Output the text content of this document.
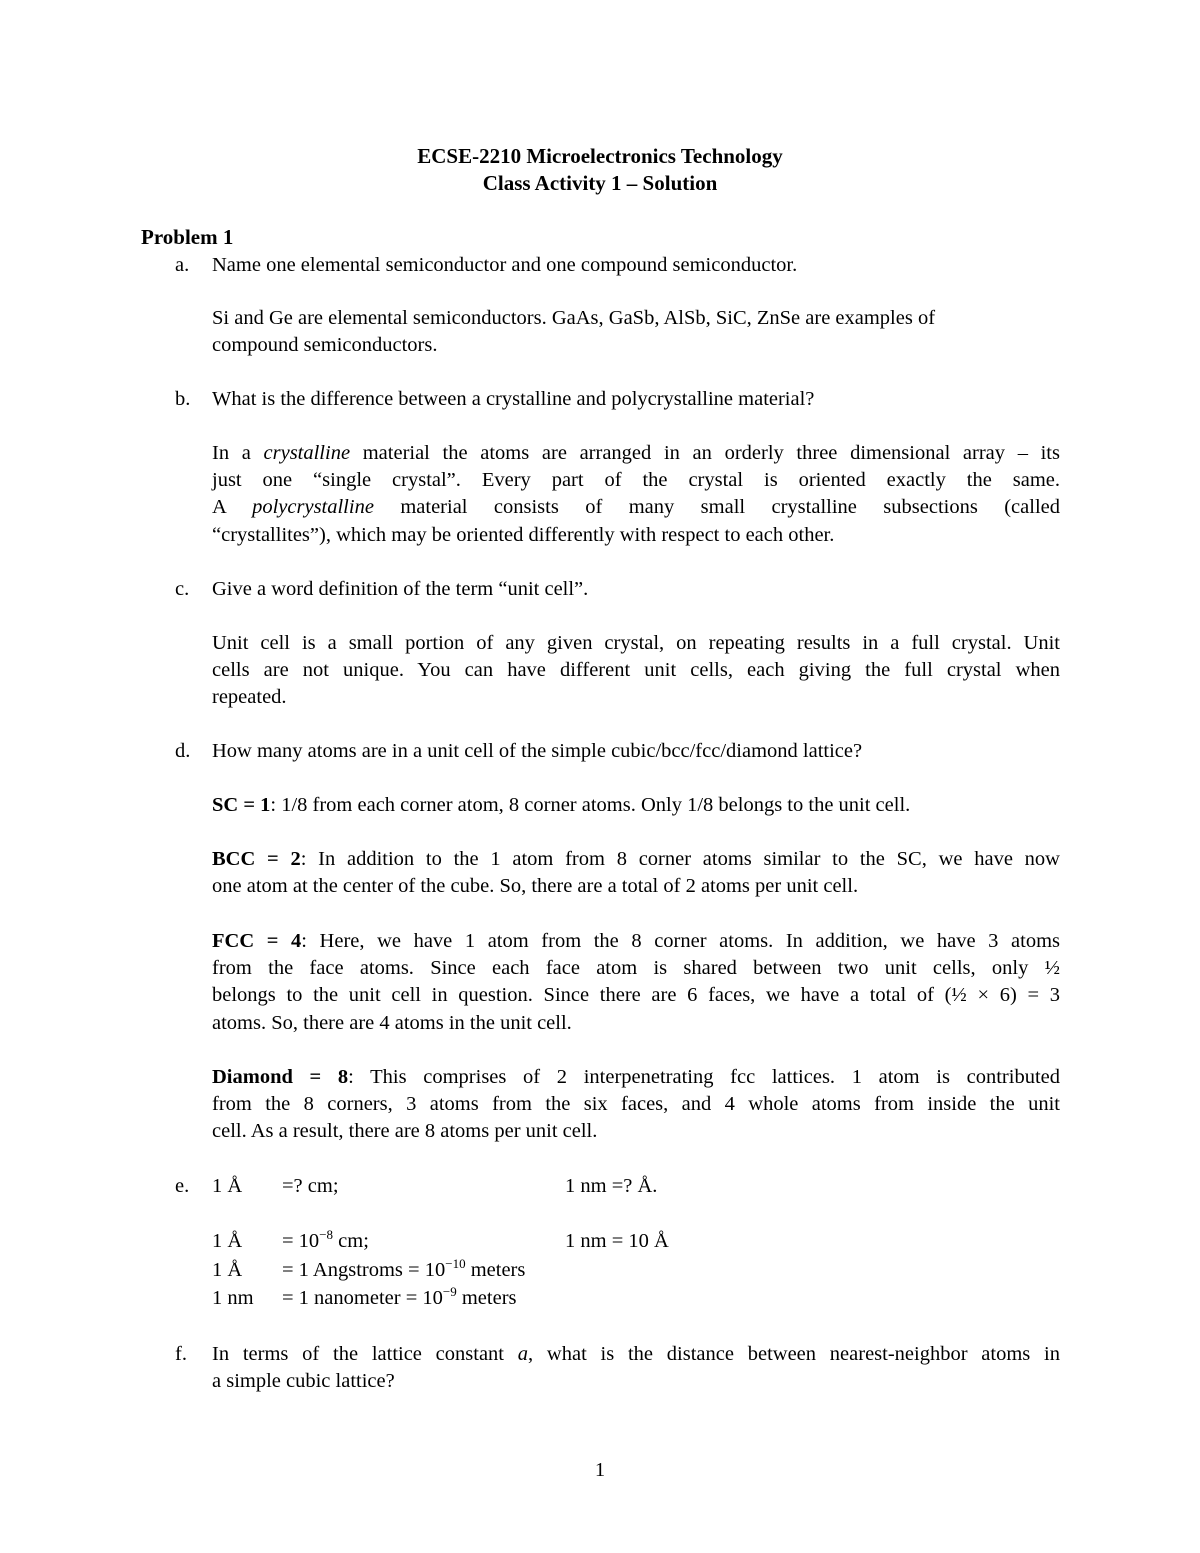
ECSE-2210 Microelectronics Technology
Class Activity 1 – Solution
Problem 1
a. Name one elemental semiconductor and one compound semiconductor.
Si and Ge are elemental semiconductors. GaAs, GaSb, AlSb, SiC, ZnSe are examples of
compound semiconductors.
b. What is the difference between a crystalline and polycrystalline material?
In a crystalline material the atoms are arranged in an orderly three dimensional array – its
just one “single crystal”. Every part of the crystal is oriented exactly the same.
A polycrystalline material consists of many small crystalline subsections (called
“crystallites”), which may be oriented differently with respect to each other.
c. Give a word definition of the term “unit cell”.
Unit cell is a small portion of any given crystal, on repeating results in a full crystal. Unit
cells are not unique. You can have different unit cells, each giving the full crystal when
repeated.
d. How many atoms are in a unit cell of the simple cubic/bcc/fcc/diamond lattice?
SC = 1: 1/8 from each corner atom, 8 corner atoms. Only 1/8 belongs to the unit cell.
BCC = 2: In addition to the 1 atom from 8 corner atoms similar to the SC, we have now
one atom at the center of the cube. So, there are a total of 2 atoms per unit cell.
FCC = 4: Here, we have 1 atom from the 8 corner atoms. In addition, we have 3 atoms
from the face atoms. Since each face atom is shared between two unit cells, only ½
belongs to the unit cell in question. Since there are 6 faces, we have a total of (½ × 6) = 3
atoms. So, there are 4 atoms in the unit cell.
Diamond = 8: This comprises of 2 interpenetrating fcc lattices. 1 atom is contributed
from the 8 corners, 3 atoms from the six faces, and 4 whole atoms from inside the unit
cell. As a result, there are 8 atoms per unit cell.
e. 1 Å =? cm;	1 nm =? Å.
1 Å = $10^{-8}$ cm;	1 nm = 10 Å
1 Å = 1 Angstroms = $10^{-10}$ meters
1 nm = 1 nanometer = $10^{-9}$ meters
f. In terms of the lattice constant a, what is the distance between nearest-neighbor atoms in
a simple cubic lattice?
1
